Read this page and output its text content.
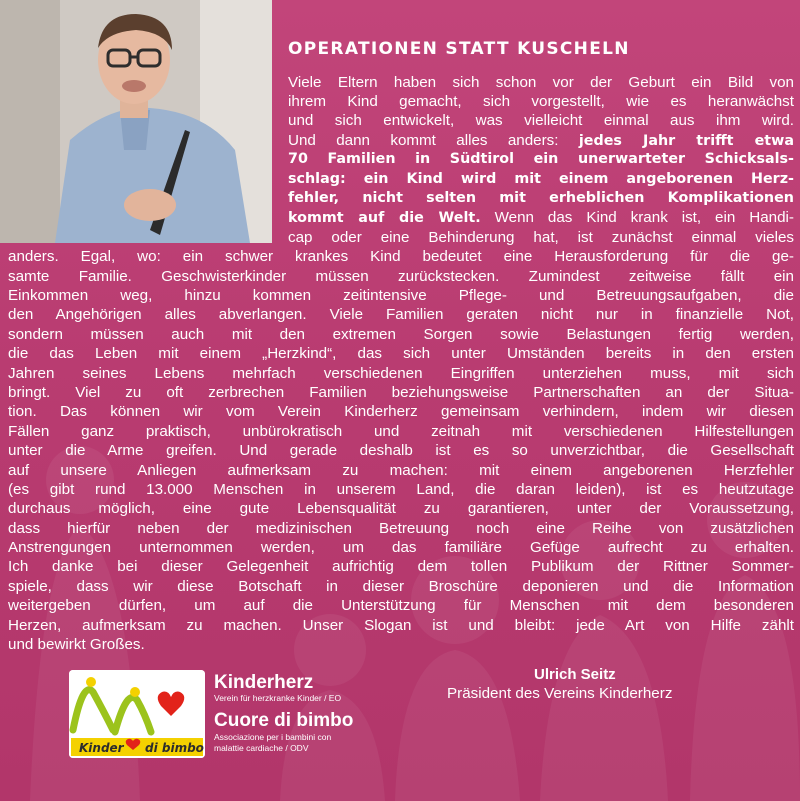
OPERATIONEN STATT KUSCHELN
Viele Eltern haben sich schon vor der Geburt ein Bild von
ihrem Kind gemacht, sich vorgestellt, wie es heranwächst
und sich entwickelt, was vielleicht einmal aus ihm wird.
Und dann kommt alles anders: jedes Jahr trifft etwa
70 Familien in Südtirol ein unerwarteter Schicksals-
schlag: ein Kind wird mit einem angeborenen Herz-
fehler, nicht selten mit erheblichen Komplikationen
kommt auf die Welt. Wenn das Kind krank ist, ein Handi-
cap oder eine Behinderung hat, ist zunächst einmal vieles
anders. Egal, wo: ein schwer krankes Kind bedeutet eine Herausforderung für die ge-
samte Familie. Geschwisterkinder müssen zurückstecken. Zumindest zeitweise fällt ein
Einkommen weg, hinzu kommen zeitintensive Pflege- und Betreuungsaufgaben, die
den Angehörigen alles abverlangen. Viele Familien geraten nicht nur in finanzielle Not,
sondern müssen auch mit den extremen Sorgen sowie Belastungen fertig werden,
die das Leben mit einem „Herzkind“, das sich unter Umständen bereits in den ersten
Jahren seines Lebens mehrfach verschiedenen Eingriffen unterziehen muss, mit sich
bringt. Viel zu oft zerbrechen Familien beziehungsweise Partnerschaften an der Situa-
tion. Das können wir vom Verein Kinderherz gemeinsam verhindern, indem wir diesen
Fällen ganz praktisch, unbürokratisch und zeitnah mit verschiedenen Hilfestellungen
unter die Arme greifen. Und gerade deshalb ist es so unverzichtbar, die Gesellschaft
auf unsere Anliegen aufmerksam zu machen: mit einem angeborenen Herzfehler
(es gibt rund 13.000 Menschen in unserem Land, die daran leiden), ist es heutzutage
durchaus möglich, eine gute Lebensqualität zu garantieren, unter der Voraussetzung,
dass hierfür neben der medizinischen Betreuung noch eine Reihe von zusätzlichen
Anstrengungen unternommen werden, um das familiäre Gefüge aufrecht zu erhalten.
Ich danke bei dieser Gelegenheit aufrichtig dem tollen Publikum der Rittner Sommer-
spiele, dass wir diese Botschaft in dieser Broschüre deponieren und die Information
weitergeben dürfen, um auf die Unterstützung für Menschen mit dem besonderen
Herzen, aufmerksam zu machen. Unser Slogan ist und bleibt: jede Art von Hilfe zählt
und bewirkt Großes.
Kinder di bimbo
Kinderherz
Verein für herzkranke Kinder / EO
Cuore di bimbo
Associazione per i bambini con malattie cardiache / ODV
Ulrich Seitz
Präsident des Vereins Kinderherz
